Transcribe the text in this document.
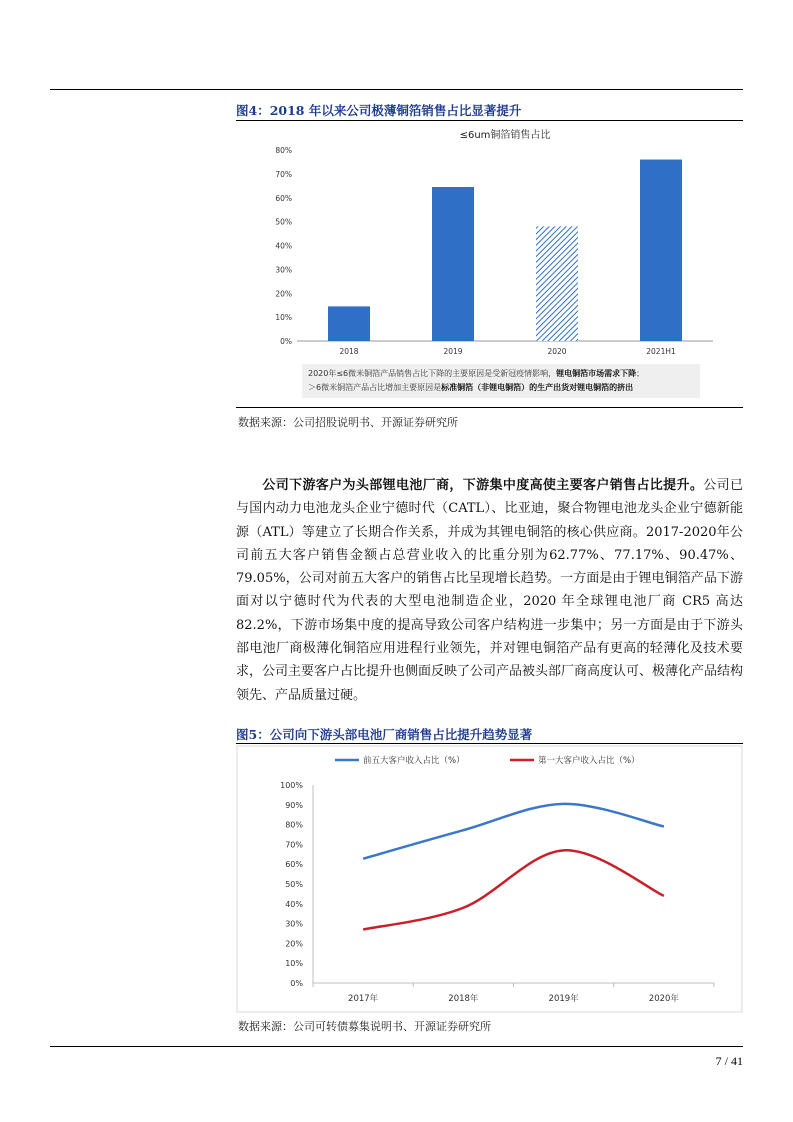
图4：2018 年以来公司极薄铜箔销售占比显著提升
≤6um铜箔销售占比
0%
10%
20%
30%
40%
50%
60%
70%
80%
2018	2019	2020	2021H1
2020年≤6微米铜箔产品销售占比下降的主要原因是受新冠疫情影响，锂电铜箔市场需求下降；
＞6微米铜箔产品占比增加主要原因是标准铜箔（非锂电铜箔）的生产出货对锂电铜箔的挤出
数据来源：公司招股说明书、开源证券研究所
公司下游客户为头部锂电池厂商，下游集中度高使主要客户销售占比提升。公司已与国内动力电池龙头企业宁德时代（CATL）、比亚迪，聚合物锂电池龙头企业宁德新能源（ATL）等建立了长期合作关系，并成为其锂电铜箔的核心供应商。2017-2020年公司前五大客户销售金额占总营业收入的比重分别为62.77%、77.17%、90.47%、79.05%，公司对前五大客户的销售占比呈现增长趋势。一方面是由于锂电铜箔产品下游面对以宁德时代为代表的大型电池制造企业，2020 年全球锂电池厂商 CR5 高达 82.2%，下游市场集中度的提高导致公司客户结构进一步集中；另一方面是由于下游头部电池厂商极薄化铜箔应用进程行业领先，并对锂电铜箔产品有更高的轻薄化及技术要求，公司主要客户占比提升也侧面反映了公司产品被头部厂商高度认可、极薄化产品结构领先、产品质量过硬。
图5：公司向下游头部电池厂商销售占比提升趋势显著
前五大客户收入占比（%）	第一大客户收入占比（%）
0%
10%
20%
30%
40%
50%
60%
70%
80%
90%
100%
2017年	2018年	2019年	2020年
数据来源：公司可转债募集说明书、开源证券研究所
7 / 41
